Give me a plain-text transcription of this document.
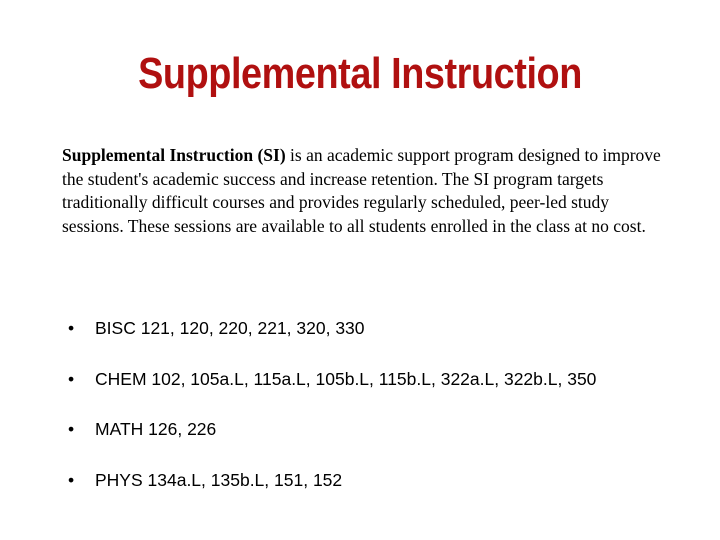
Supplemental Instruction

Supplemental Instruction (SI) is an academic support program designed to improve the student's academic success and increase retention. The SI program targets traditionally difficult courses and provides regularly scheduled, peer-led study sessions. These sessions are available to all students enrolled in the class at no cost.

• BISC 121, 120, 220, 221, 320, 330
• CHEM 102, 105a.L, 115a.L, 105b.L, 115b.L, 322a.L, 322b.L, 350
• MATH 126, 226
• PHYS 134a.L, 135b.L, 151, 152
